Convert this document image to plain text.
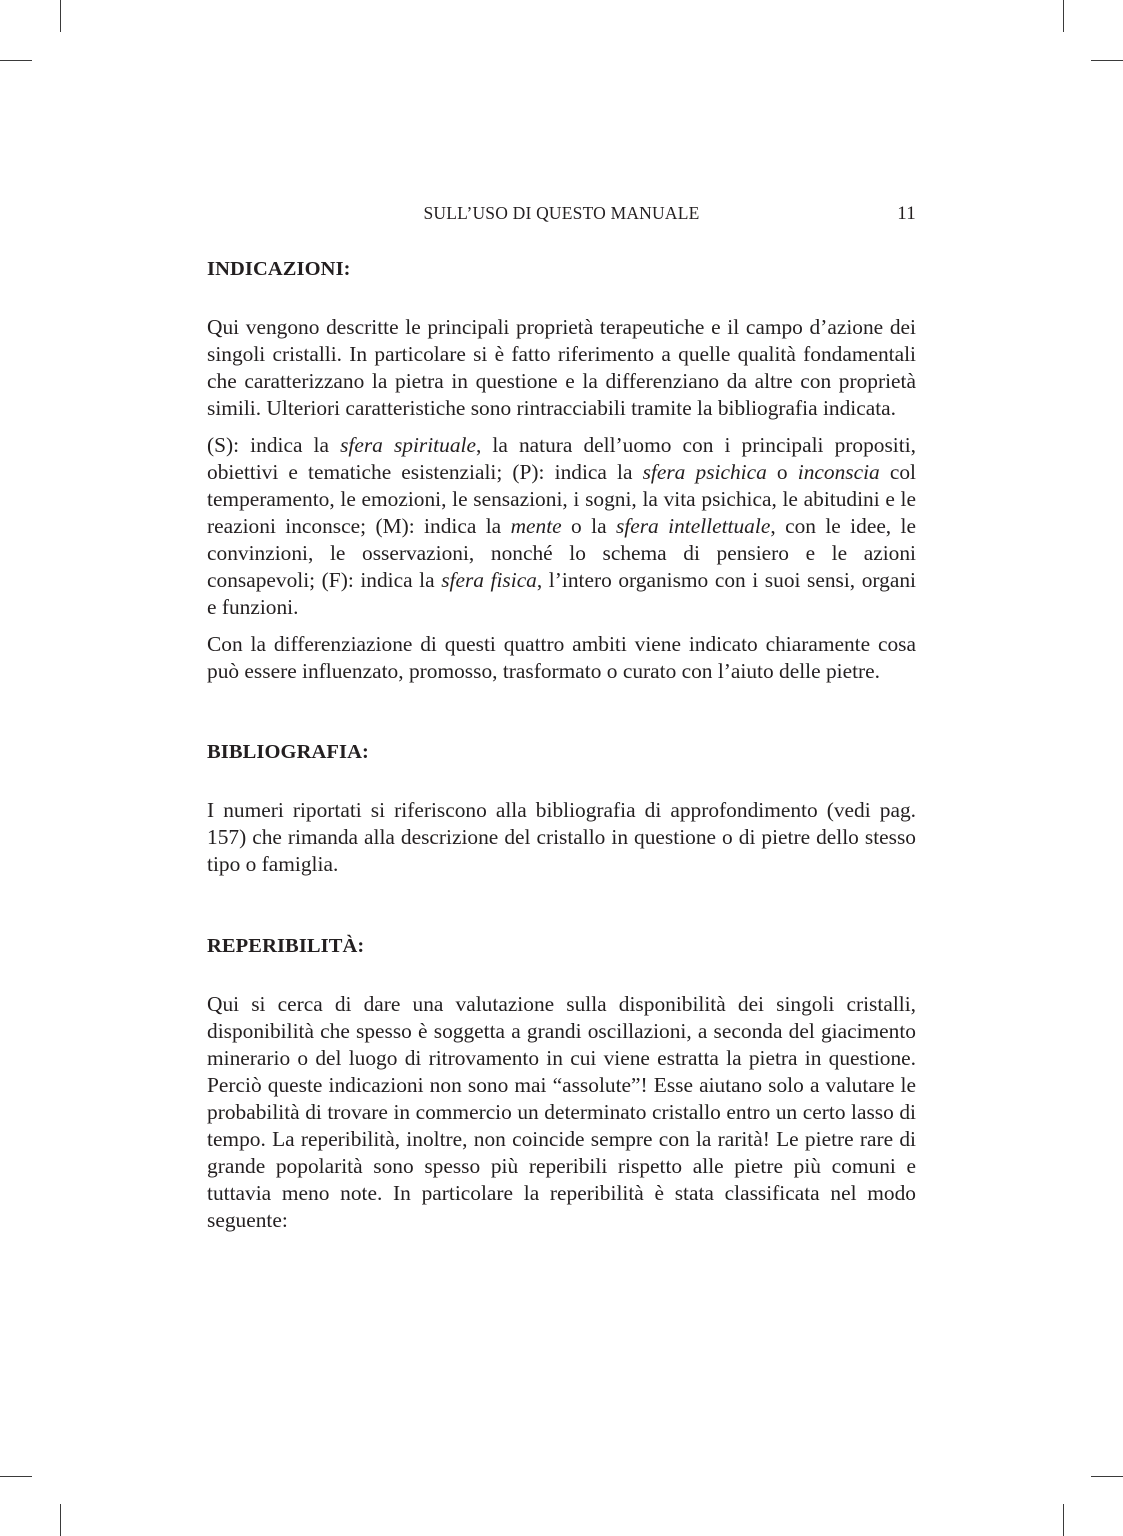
SULL’USO DI QUESTO MANUALE	11
INDICAZIONI:

Qui vengono descritte le principali proprietà terapeutiche e il campo d’azione dei singoli cristalli. In particolare si è fatto riferimento a quelle qualità fondamentali che caratterizzano la pietra in questione e la differenziano da altre con proprietà simili. Ulteriori caratteristiche sono rintracciabili tramite la bibliografia indicata.

(S): indica la sfera spirituale, la natura dell’uomo con i principali propositi, obiettivi e tematiche esistenziali; (P): indica la sfera psichica o inconscia col temperamento, le emozioni, le sensazioni, i sogni, la vita psichica, le abitudini e le reazioni inconsce; (M): indica la mente o la sfera intellettuale, con le idee, le convinzioni, le osservazioni, nonché lo schema di pensiero e le azioni consapevoli; (F): indica la sfera fisica, l’intero organismo con i suoi sensi, organi e funzioni.

Con la differenziazione di questi quattro ambiti viene indicato chiaramente cosa può essere influenzato, promosso, trasformato o curato con l’aiuto delle pietre.

BIBLIOGRAFIA:

I numeri riportati si riferiscono alla bibliografia di approfondimento (vedi pag. 157) che rimanda alla descrizione del cristallo in questione o di pietre dello stesso tipo o famiglia.

REPERIBILITÀ:

Qui si cerca di dare una valutazione sulla disponibilità dei singoli cristalli, disponibilità che spesso è soggetta a grandi oscillazioni, a seconda del giacimento minerario o del luogo di ritrovamento in cui viene estratta la pietra in questione. Perciò queste indicazioni non sono mai “assolute”! Esse aiutano solo a valutare le probabilità di trovare in commercio un determinato cristallo entro un certo lasso di tempo. La reperibilità, inoltre, non coincide sempre con la rarità! Le pietre rare di grande popolarità sono spesso più reperibili rispetto alle pietre più comuni e tuttavia meno note. In particolare la reperibilità è stata classificata nel modo seguente:
